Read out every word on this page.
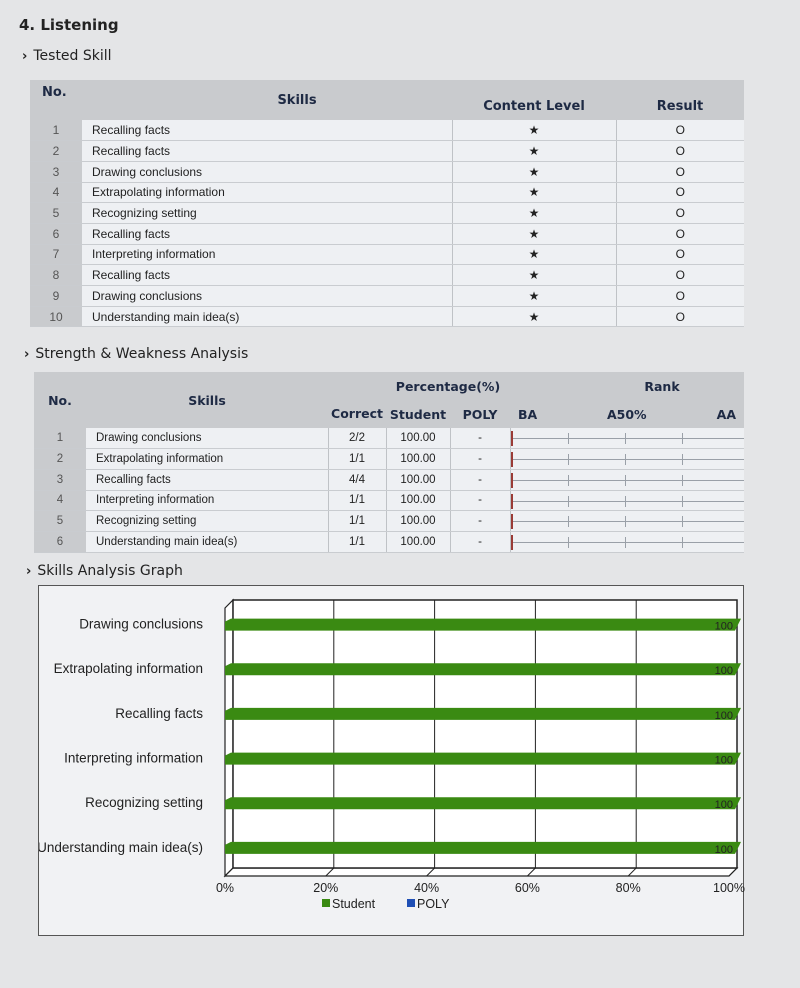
4. Listening
› Tested Skill
No.	Skills	Content Level	Result
1	Recalling facts	★	O
2	Recalling facts	★	O
3	Drawing conclusions	★	O
4	Extrapolating information	★	O
5	Recognizing setting	★	O
6	Recalling facts	★	O
7	Interpreting information	★	O
8	Recalling facts	★	O
9	Drawing conclusions	★	O
10	Understanding main idea(s)	★	O
› Strength & Weakness Analysis
No.	Skills	Correct	Percentage(%)		Rank		
			Student	POLY	BA	A50%	AA
1	Drawing conclusions	2/2	100.00	-			

2	Extrapolating information	1/1	100.00	-			

3	Recalling facts	4/4	100.00	-			

4	Interpreting information	1/1	100.00	-			

5	Recognizing setting	1/1	100.00	-			

6	Understanding main idea(s)	1/1	100.00	-			
› Skills Analysis Graph
0%	20%	40%	60%	80%	100%
Drawing conclusions	100
Extrapolating information	100
Recalling facts	100
Interpreting information	100
Recognizing setting	100
Understanding main idea(s)	100
Student	POLY
